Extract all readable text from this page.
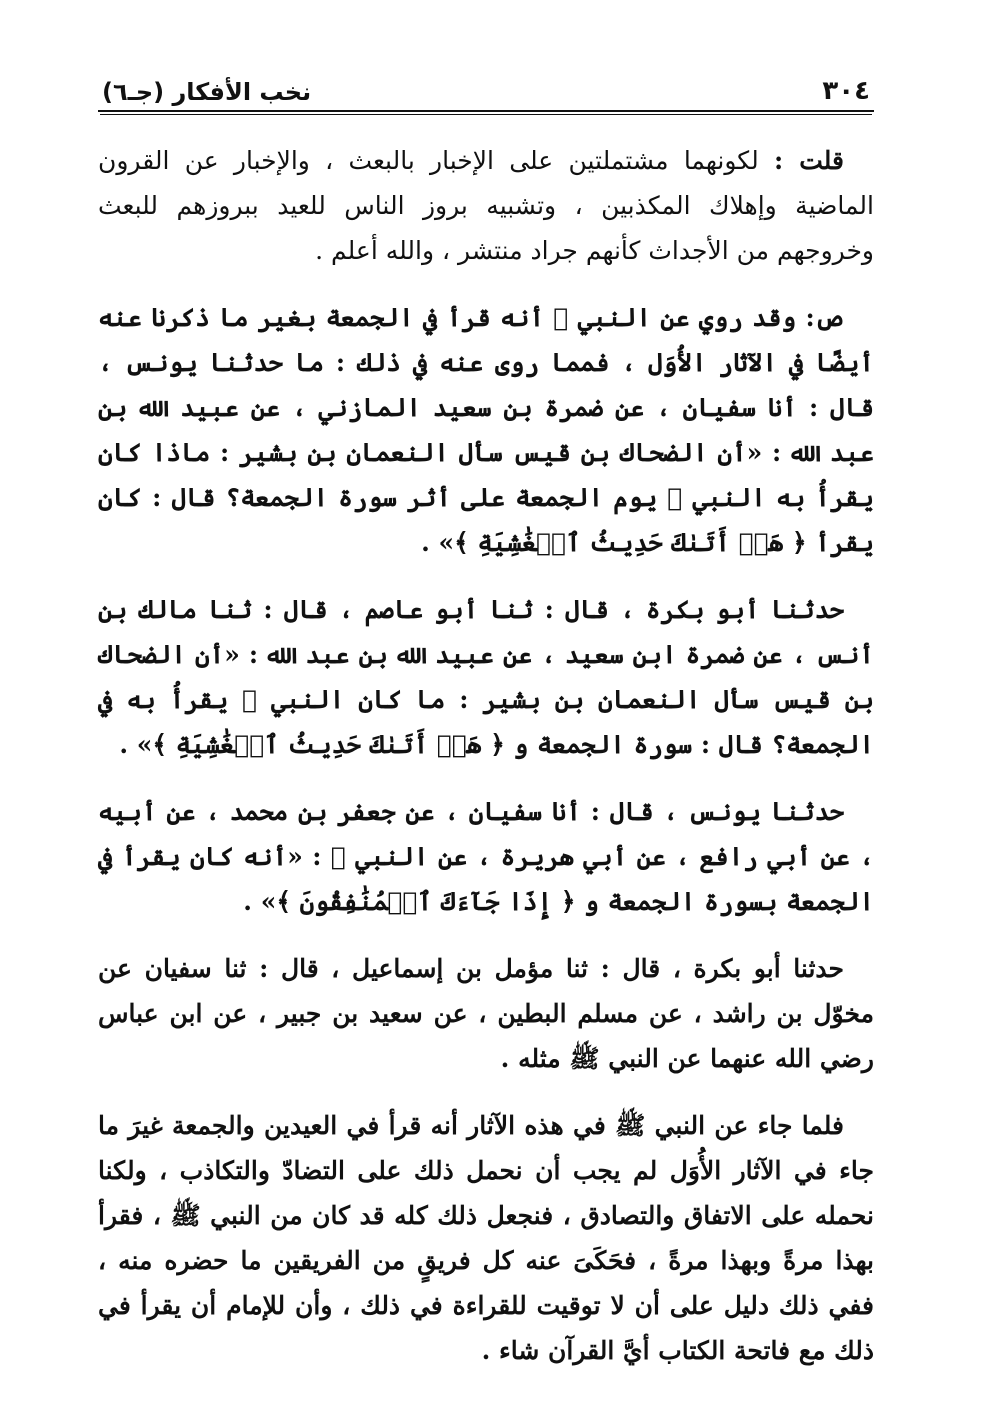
٣٠٤
نخب الأفكار (جـ٦)

قلت : لكونهما مشتملتين على الإخبار بالبعث ، والإخبار عن القرون الماضية وإهلاك المكذبين ، وتشبيه بروز الناس للعيد ببروزهم للبعث وخروجهم من الأجداث كأنهم جراد منتشر ، والله أعلم .

ص: وقد روي عن النبي ﷺ أنه قرأ في الجمعة بغير ما ذكرنا عنه أيضًا في الآثار الأُوَل ، فمما روى عنه في ذلك : ما حدثنا يونس ، قال : أنا سفيان ، عن ضمرة بن سعيد المازني ، عن عبيد الله بن عبد الله : «أن الضحاك بن قيس سأل النعمان بن بشير : ماذا كان يقرأُ به النبي ﷺ يوم الجمعة على أثر سورة الجمعة؟ قال : كان يقرأ ﴿ هَلۡ أَتَىٰكَ حَدِيثُ ٱلۡغَٰشِيَةِ ﴾» .

حدثنا أبو بكرة ، قال : ثنا أبو عاصم ، قال : ثنا مالك بن أنس ، عن ضمرة ابن سعيد ، عن عبيد الله بن عبد الله : «أن الضحاك بن قيس سأل النعمان بن بشير : ما كان النبي ﷺ يقرأُ به في الجمعة؟ قال : سورة الجمعة و ﴿ هَلۡ أَتَىٰكَ حَدِيثُ ٱلۡغَٰشِيَةِ ﴾» .

حدثنا يونس ، قال : أنا سفيان ، عن جعفر بن محمد ، عن أبيه ، عن أبي رافع ، عن أبي هريرة ، عن النبي ﷺ : «أنه كان يقرأ في الجمعة بسورة الجمعة و ﴿ إِذَا جَآءَكَ ٱلۡمُنَٰفِقُونَ ﴾» .

حدثنا أبو بكرة ، قال : ثنا مؤمل بن إسماعيل ، قال : ثنا سفيان عن مخوّل بن راشد ، عن مسلم البطين ، عن سعيد بن جبير ، عن ابن عباس رضي الله عنهما عن النبي ﷺ مثله .

فلما جاء عن النبي ﷺ في هذه الآثار أنه قرأ في العيدين والجمعة غيرَ ما جاء في الآثار الأُوَل لم يجب أن نحمل ذلك على التضادّ والتكاذب ، ولكنا نحمله على الاتفاق والتصادق ، فنجعل ذلك كله قد كان من النبي ﷺ ، فقرأ بهذا مرةً وبهذا مرةً ، فحَكَىَ عنه كل فريقٍ من الفريقين ما حضره منه ، ففي ذلك دليل على أن لا توقيت للقراءة في ذلك ، وأن للإمام أن يقرأ في ذلك مع فاتحة الكتاب أيَّ القرآن شاء .
